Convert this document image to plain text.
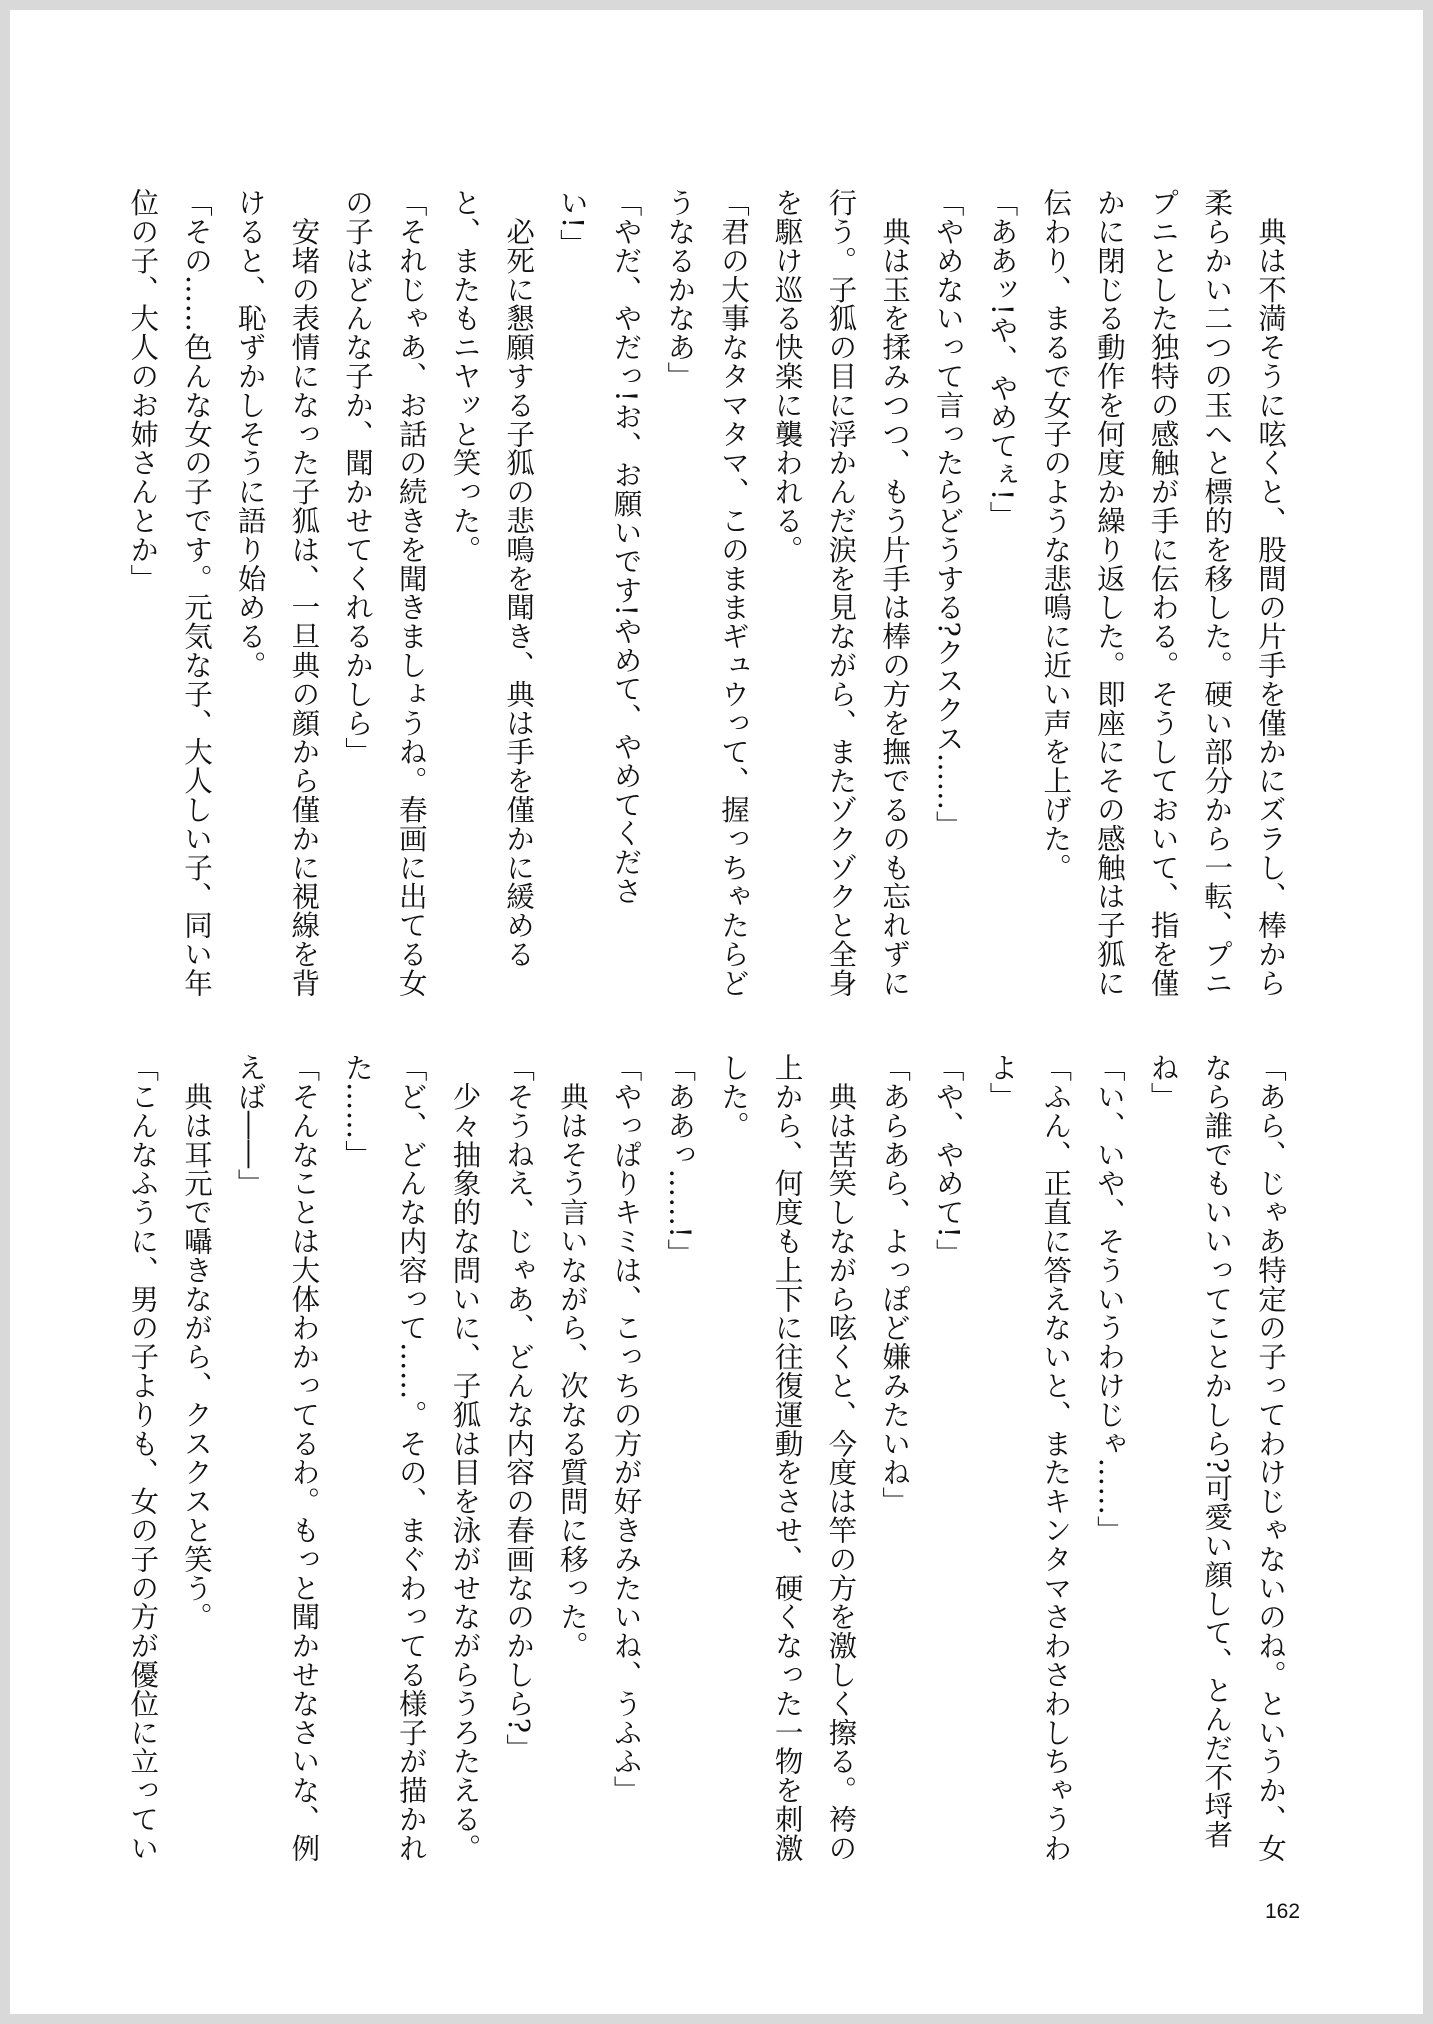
　典は不満そうに呟くと、股間の片手を僅かにズラし、棒から
柔らかい二つの玉へと標的を移した。硬い部分から一転、プニ
プニとした独特の感触が手に伝わる。そうしておいて、指を僅
かに閉じる動作を何度か繰り返した。即座にその感触は子狐に
伝わり、まるで女子のような悲鳴に近い声を上げた。
「ああッ!や、やめてぇ!」
「やめないって言ったらどうする?クスクス……」
　典は玉を揉みつつ、もう片手は棒の方を撫でるのも忘れずに
行う。子狐の目に浮かんだ涙を見ながら、またゾクゾクと全身
を駆け巡る快楽に襲われる。
「君の大事なタマタマ、このままギュウって、握っちゃたらど
うなるかなあ」
「やだ、やだっ!お、お願いです!やめて、やめてくださ
い!」
　必死に懇願する子狐の悲鳴を聞き、典は手を僅かに緩める
と、またもニヤッと笑った。
「それじゃあ、お話の続きを聞きましょうね。春画に出てる女
の子はどんな子か、聞かせてくれるかしら」
　安堵の表情になった子狐は、一旦典の顔から僅かに視線を背
けると、恥ずかしそうに語り始める。
「その……色んな女の子です。元気な子、大人しい子、同い年
位の子、大人のお姉さんとか」
「あら、じゃあ特定の子ってわけじゃないのね。というか、女
なら誰でもいいってことかしら?可愛い顔して、とんだ不埒者
ね」
「い、いや、そういうわけじゃ……」
「ふん、正直に答えないと、またキンタマさわさわしちゃうわ
よ」
「や、やめて!」
「あらあら、よっぽど嫌みたいね」
　典は苦笑しながら呟くと、今度は竿の方を激しく擦る。袴の
上から、何度も上下に往復運動をさせ、硬くなった一物を刺激
した。
「ああっ……!」
「やっぱりキミは、こっちの方が好きみたいね、うふふ」
　典はそう言いながら、次なる質問に移った。
「そうねえ、じゃあ、どんな内容の春画なのかしら?」
　少々抽象的な問いに、子狐は目を泳がせながらうろたえる。
「ど、どんな内容って……。その、まぐわってる様子が描かれ
た……」
「そんなことは大体わかってるわ。もっと聞かせなさいな、例
えば――」
　典は耳元で囁きながら、クスクスと笑う。
「こんなふうに、男の子よりも、女の子の方が優位に立ってい

162
